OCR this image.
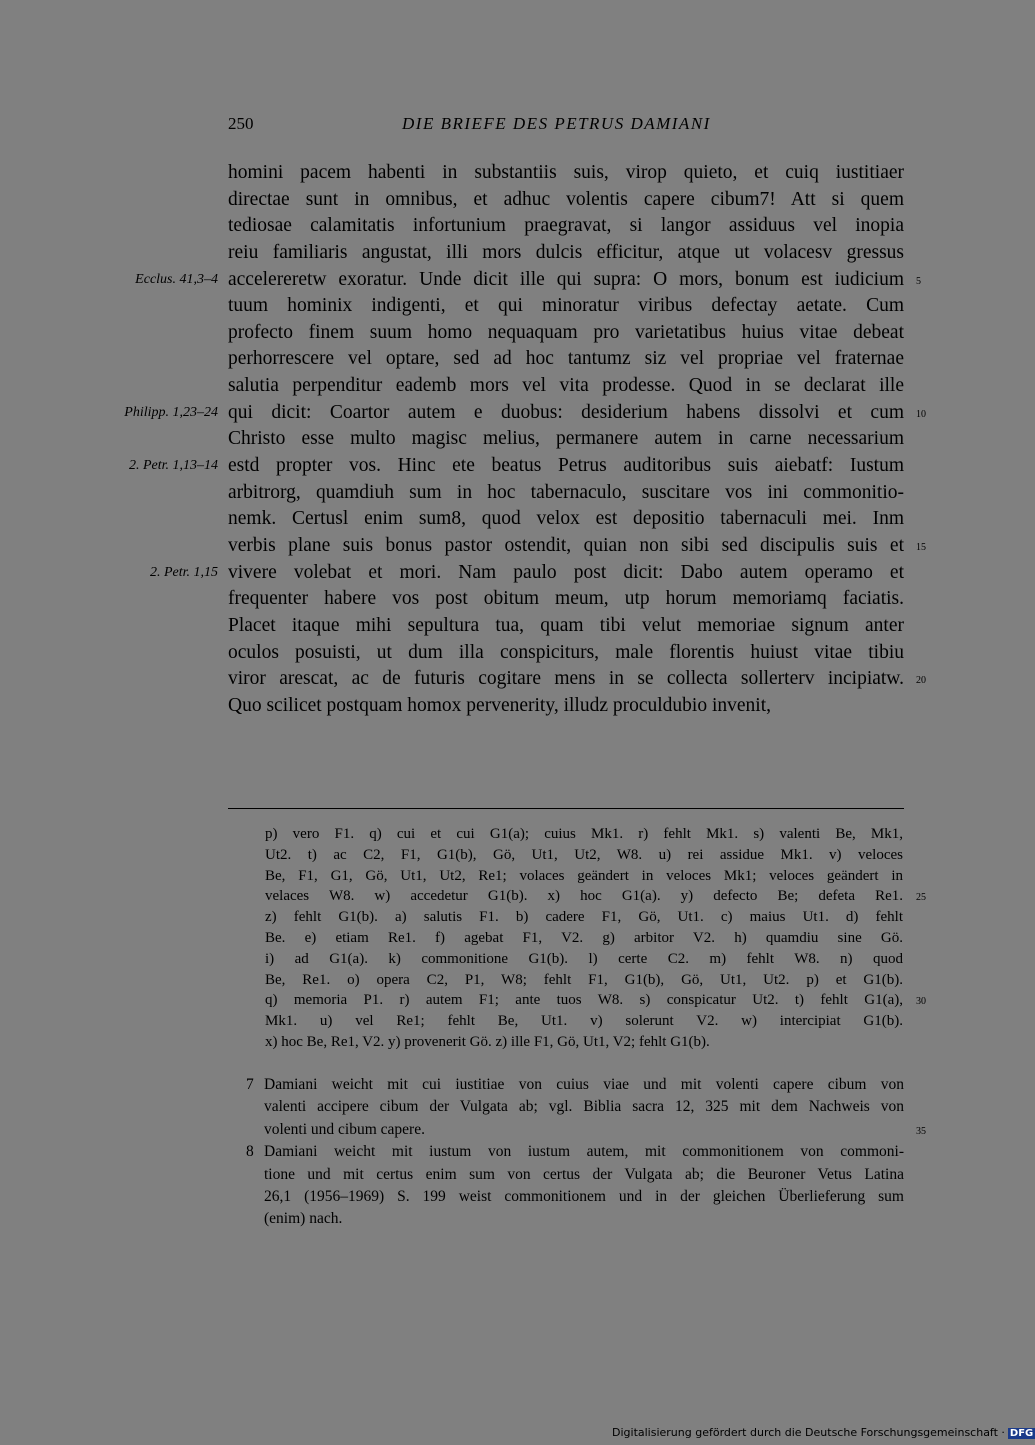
250	DIE BRIEFE DES PETRUS DAMIANI
homini pacem habenti in substantiis suis, virop quieto, et cuiq iustitiaer
directae sunt in omnibus, et adhuc volentis capere cibum7! Att si quem
tediosae calamitatis infortunium praegravat, si langor assiduus vel inopia
reiu familiaris angustat, illi mors dulcis efficitur, atque ut volacesv gressus
accelereretw exoratur. Unde dicit ille qui supra: O mors, bonum est iudicium
tuum hominix indigenti, et qui minoratur viribus defectay aetate. Cum
profecto finem suum homo nequaquam pro varietatibus huius vitae debeat
perhorrescere vel optare, sed ad hoc tantumz siz vel propriae vel fraternae
salutia perpenditur eademb mors vel vita prodesse. Quod in se declarat ille
qui dicit: Coartor autem e duobus: desiderium habens dissolvi et cum
Christo esse multo magisc melius, permanere autem in carne necessarium
estd propter vos. Hinc ete beatus Petrus auditoribus suis aiebatf: Iustum
arbitrorg, quamdiuh sum in hoc tabernaculo, suscitare vos ini commonitio-
nemk. Certusl enim sum8, quod velox est depositio tabernaculi mei. Inm
verbis plane suis bonus pastor ostendit, quian non sibi sed discipulis suis et
vivere volebat et mori. Nam paulo post dicit: Dabo autem operamo et
frequenter habere vos post obitum meum, utp horum memoriamq faciatis.
Placet itaque mihi sepultura tua, quam tibi velut memoriae signum anter
oculos posuisti, ut dum illa conspiciturs, male florentis huiust vitae tibiu
viror arescat, ac de futuris cogitare mens in se collecta sollerterv incipiatw.
Quo scilicet postquam homox pervenerity, illudz proculdubio invenit,
Ecclus. 41,3–4
Philipp. 1,23–24
2. Petr. 1,13–14
2. Petr. 1,15
5
10
15
20
p) vero F1. q) cui et cui G1(a); cuius Mk1. r) fehlt Mk1. s) valenti Be, Mk1,
Ut2. t) ac C2, F1, G1(b), Gö, Ut1, Ut2, W8. u) rei assidue Mk1. v) veloces
Be, F1, G1, Gö, Ut1, Ut2, Re1; volaces geändert in veloces Mk1; veloces geändert in
velaces W8. w) accedetur G1(b). x) hoc G1(a). y) defecto Be; defeta Re1.
z) fehlt G1(b). a) salutis F1. b) cadere F1, Gö, Ut1. c) maius Ut1. d) fehlt
Be. e) etiam Re1. f) agebat F1, V2. g) arbitor V2. h) quamdiu sine Gö.
i) ad G1(a). k) commonitione G1(b). l) certe C2. m) fehlt W8. n) quod
Be, Re1. o) opera C2, P1, W8; fehlt F1, G1(b), Gö, Ut1, Ut2. p) et G1(b).
q) memoria P1. r) autem F1; ante tuos W8. s) conspicatur Ut2. t) fehlt G1(a),
Mk1. u) vel Re1; fehlt Be, Ut1. v) solerunt V2. w) intercipiat G1(b).
x) hoc Be, Re1, V2. y) provenerit Gö. z) ille F1, Gö, Ut1, V2; fehlt G1(b).
25
30
7 Damiani weicht mit cui iustitiae von cuius viae und mit volenti capere cibum von
valenti accipere cibum der Vulgata ab; vgl. Biblia sacra 12, 325 mit dem Nachweis von
volenti und cibum capere.
8 Damiani weicht mit iustum von iustum autem, mit commonitionem von commoni-
tione und mit certus enim sum von certus der Vulgata ab; die Beuroner Vetus Latina
26,1 (1956–1969) S. 199 weist commonitionem und in der gleichen Überlieferung sum
(enim) nach.
35
Digitalisierung gefördert durch die Deutsche Forschungsgemeinschaft · DFG
